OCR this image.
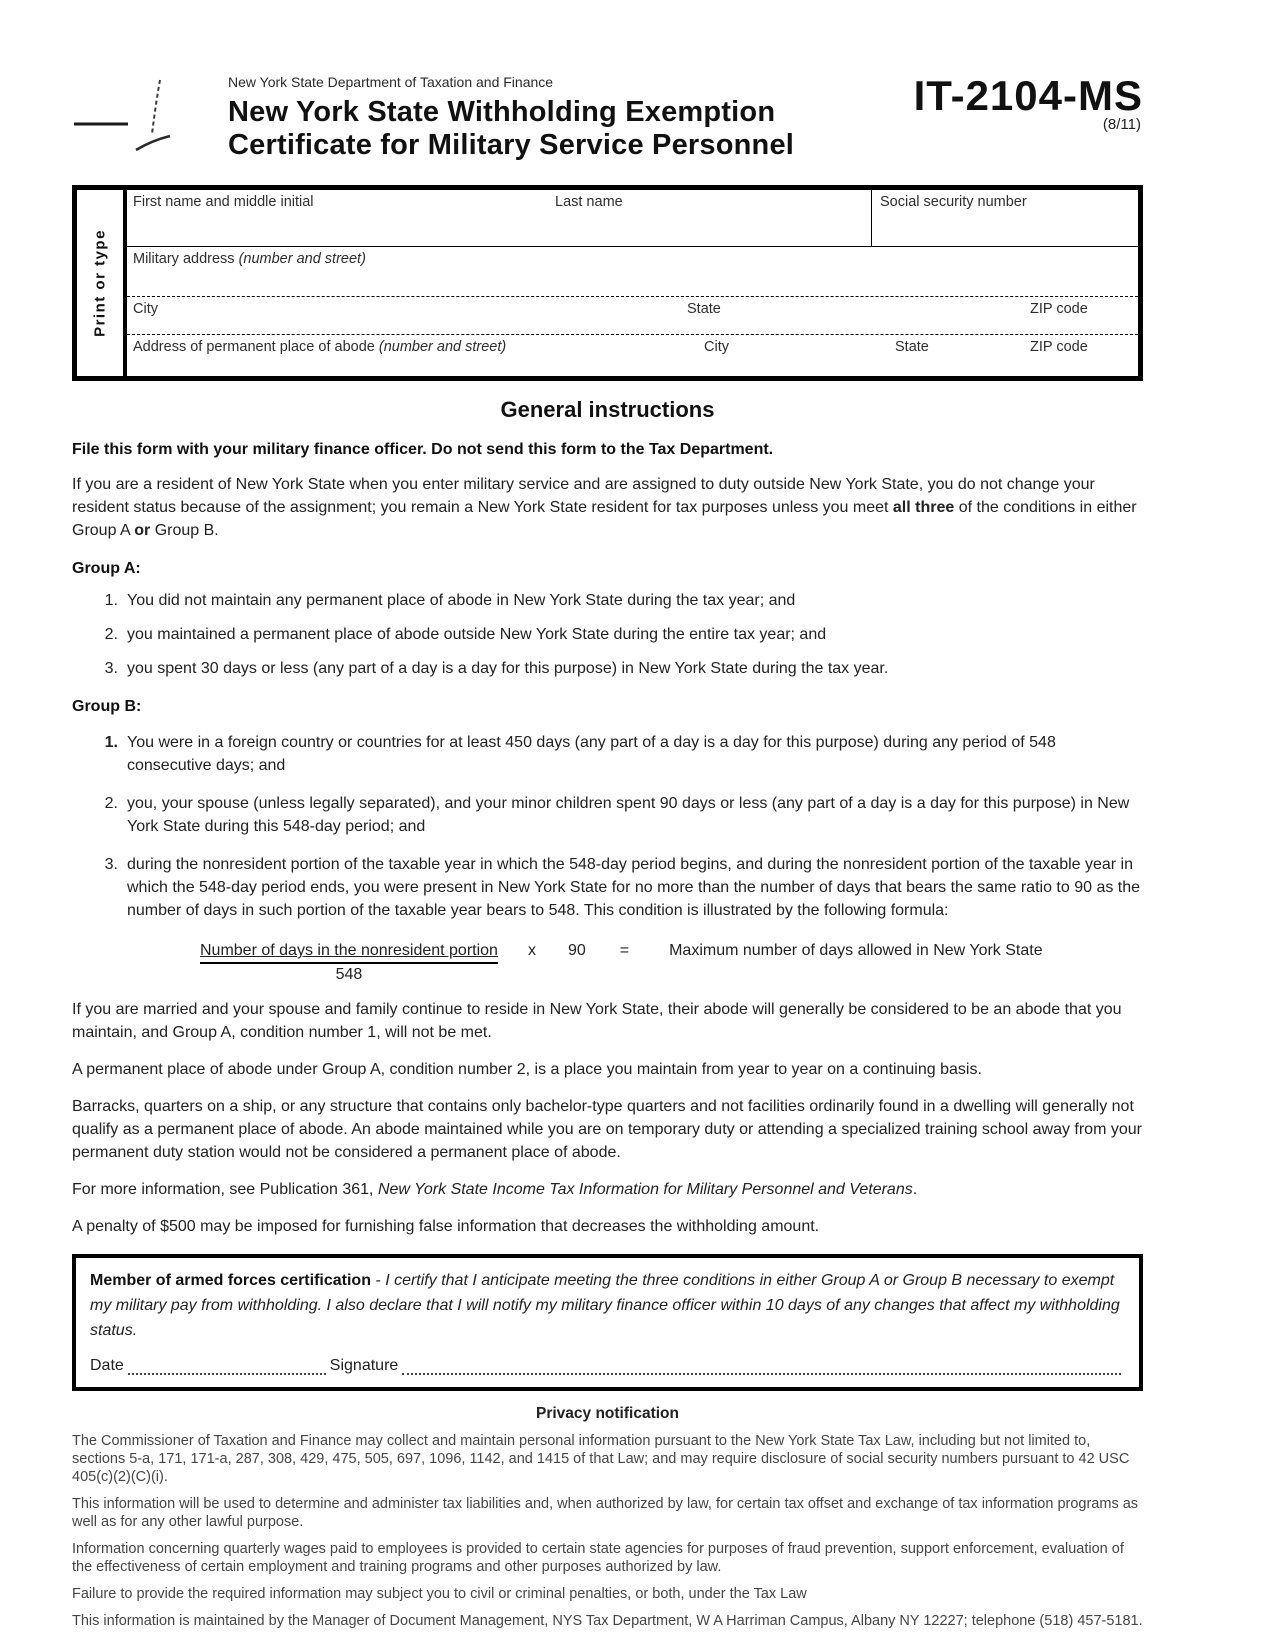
New York State Department of Taxation and Finance
New York State Withholding Exemption
Certificate for Military Service Personnel
IT-2104-MS
(8/11)
Print or type
First name and middle initial	Last name	Social security number
Military address (number and street)
City	State	ZIP code
Address of permanent place of abode (number and street)	City	State	ZIP code
General instructions
File this form with your military finance officer. Do not send this form to the Tax Department.

If you are a resident of New York State when you enter military service and are assigned to duty outside New York State, you do not change your resident status because of the assignment; you remain a New York State resident for tax purposes unless you meet all three of the conditions in either Group A or Group B.

Group A:
1. You did not maintain any permanent place of abode in New York State during the tax year; and
2. you maintained a permanent place of abode outside New York State during the entire tax year; and
3. you spent 30 days or less (any part of a day is a day for this purpose) in New York State during the tax year.
Group B:
1. You were in a foreign country or countries for at least 450 days (any part of a day is a day for this purpose) during any period of 548 consecutive days; and
2. you, your spouse (unless legally separated), and your minor children spent 90 days or less (any part of a day is a day for this purpose) in New York State during this 548-day period; and
3. during the nonresident portion of the taxable year in which the 548-day period begins, and during the nonresident portion of the taxable year in which the 548-day period ends, you were present in New York State for no more than the number of days that bears the same ratio to 90 as the number of days in such portion of the taxable year bears to 548. This condition is illustrated by the following formula:
$\frac{\text{Number of days in the nonresident portion}}{548}$ x 90 =	Maximum number of days allowed in New York State

If you are married and your spouse and family continue to reside in New York State, their abode will generally be considered to be an abode that you maintain, and Group A, condition number 1, will not be met.

A permanent place of abode under Group A, condition number 2, is a place you maintain from year to year on a continuing basis.

Barracks, quarters on a ship, or any structure that contains only bachelor-type quarters and not facilities ordinarily found in a dwelling will generally not qualify as a permanent place of abode. An abode maintained while you are on temporary duty or attending a specialized training school away from your permanent duty station would not be considered a permanent place of abode.

For more information, see Publication 361, New York State Income Tax Information for Military Personnel and Veterans.

A penalty of $500 may be imposed for furnishing false information that decreases the withholding amount.

Member of armed forces certification - I certify that I anticipate meeting the three conditions in either Group A or Group B necessary to exempt my military pay from withholding. I also declare that I will notify my military finance officer within 10 days of any changes that affect my withholding status.
Date	Signature
Privacy notification

The Commissioner of Taxation and Finance may collect and maintain personal information pursuant to the New York State Tax Law, including but not limited to, sections 5-a, 171, 171-a, 287, 308, 429, 475, 505, 697, 1096, 1142, and 1415 of that Law; and may require disclosure of social security numbers pursuant to 42 USC 405(c)(2)(C)(i).

This information will be used to determine and administer tax liabilities and, when authorized by law, for certain tax offset and exchange of tax information programs as well as for any other lawful purpose.

Information concerning quarterly wages paid to employees is provided to certain state agencies for purposes of fraud prevention, support enforcement, evaluation of the effectiveness of certain employment and training programs and other purposes authorized by law.

Failure to provide the required information may subject you to civil or criminal penalties, or both, under the Tax Law

This information is maintained by the Manager of Document Management, NYS Tax Department, W A Harriman Campus, Albany NY 12227; telephone (518) 457-5181.
